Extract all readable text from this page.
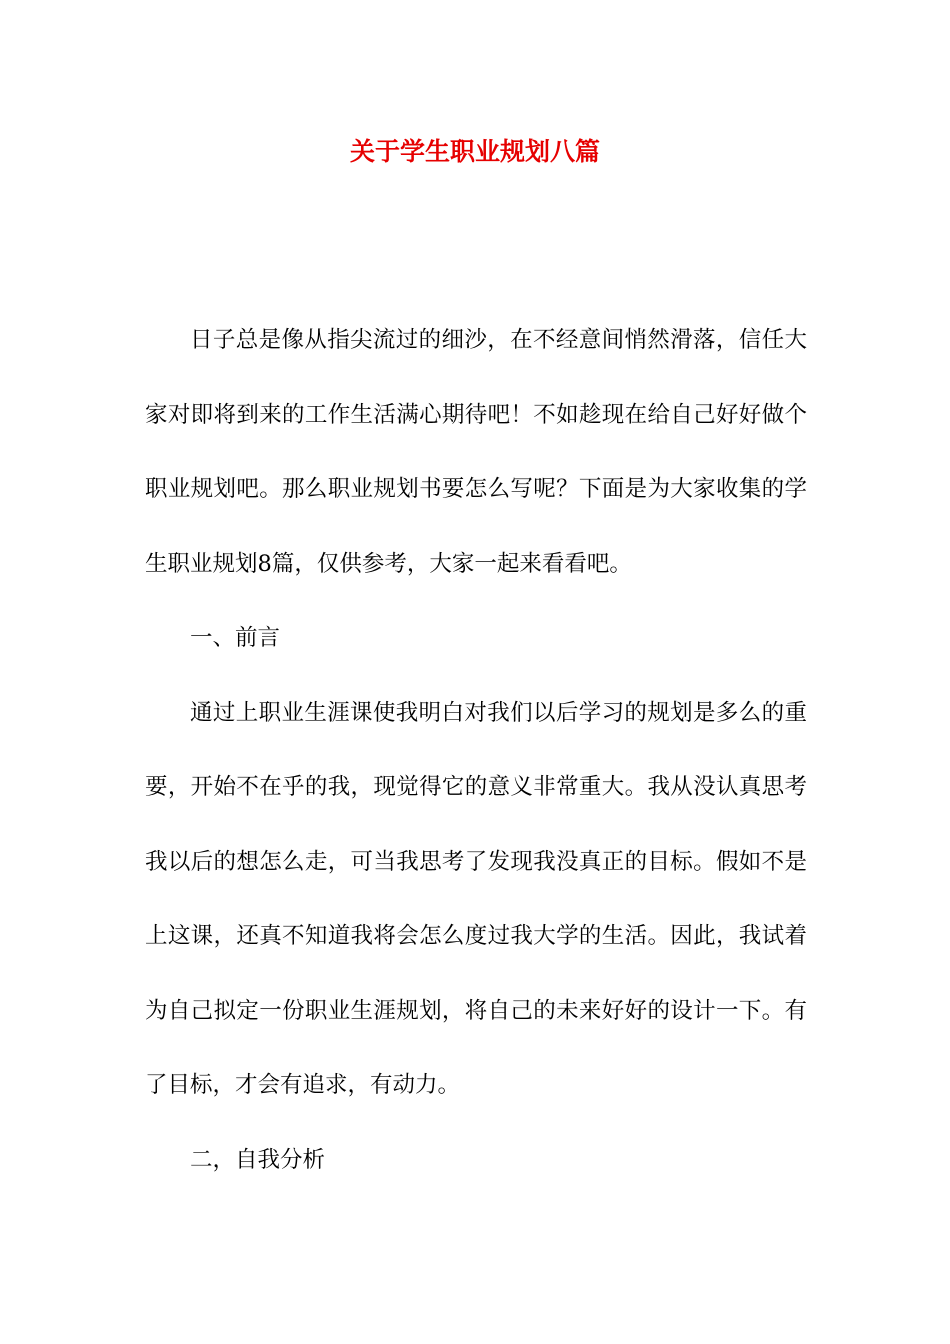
关于学生职业规划八篇

日子总是像从指尖流过的细沙，在不经意间悄然滑落，信任大家对即将到来的工作生活满心期待吧！不如趁现在给自己好好做个职业规划吧。那么职业规划书要怎么写呢？下面是为大家收集的学生职业规划8篇，仅供参考，大家一起来看看吧。

一、前言

通过上职业生涯课使我明白对我们以后学习的规划是多么的重要，开始不在乎的我，现觉得它的意义非常重大。我从没认真思考我以后的想怎么走，可当我思考了发现我没真正的目标。假如不是上这课，还真不知道我将会怎么度过我大学的生活。因此，我试着为自己拟定一份职业生涯规划，将自己的未来好好的设计一下。有了目标，才会有追求，有动力。

二，自我分析
